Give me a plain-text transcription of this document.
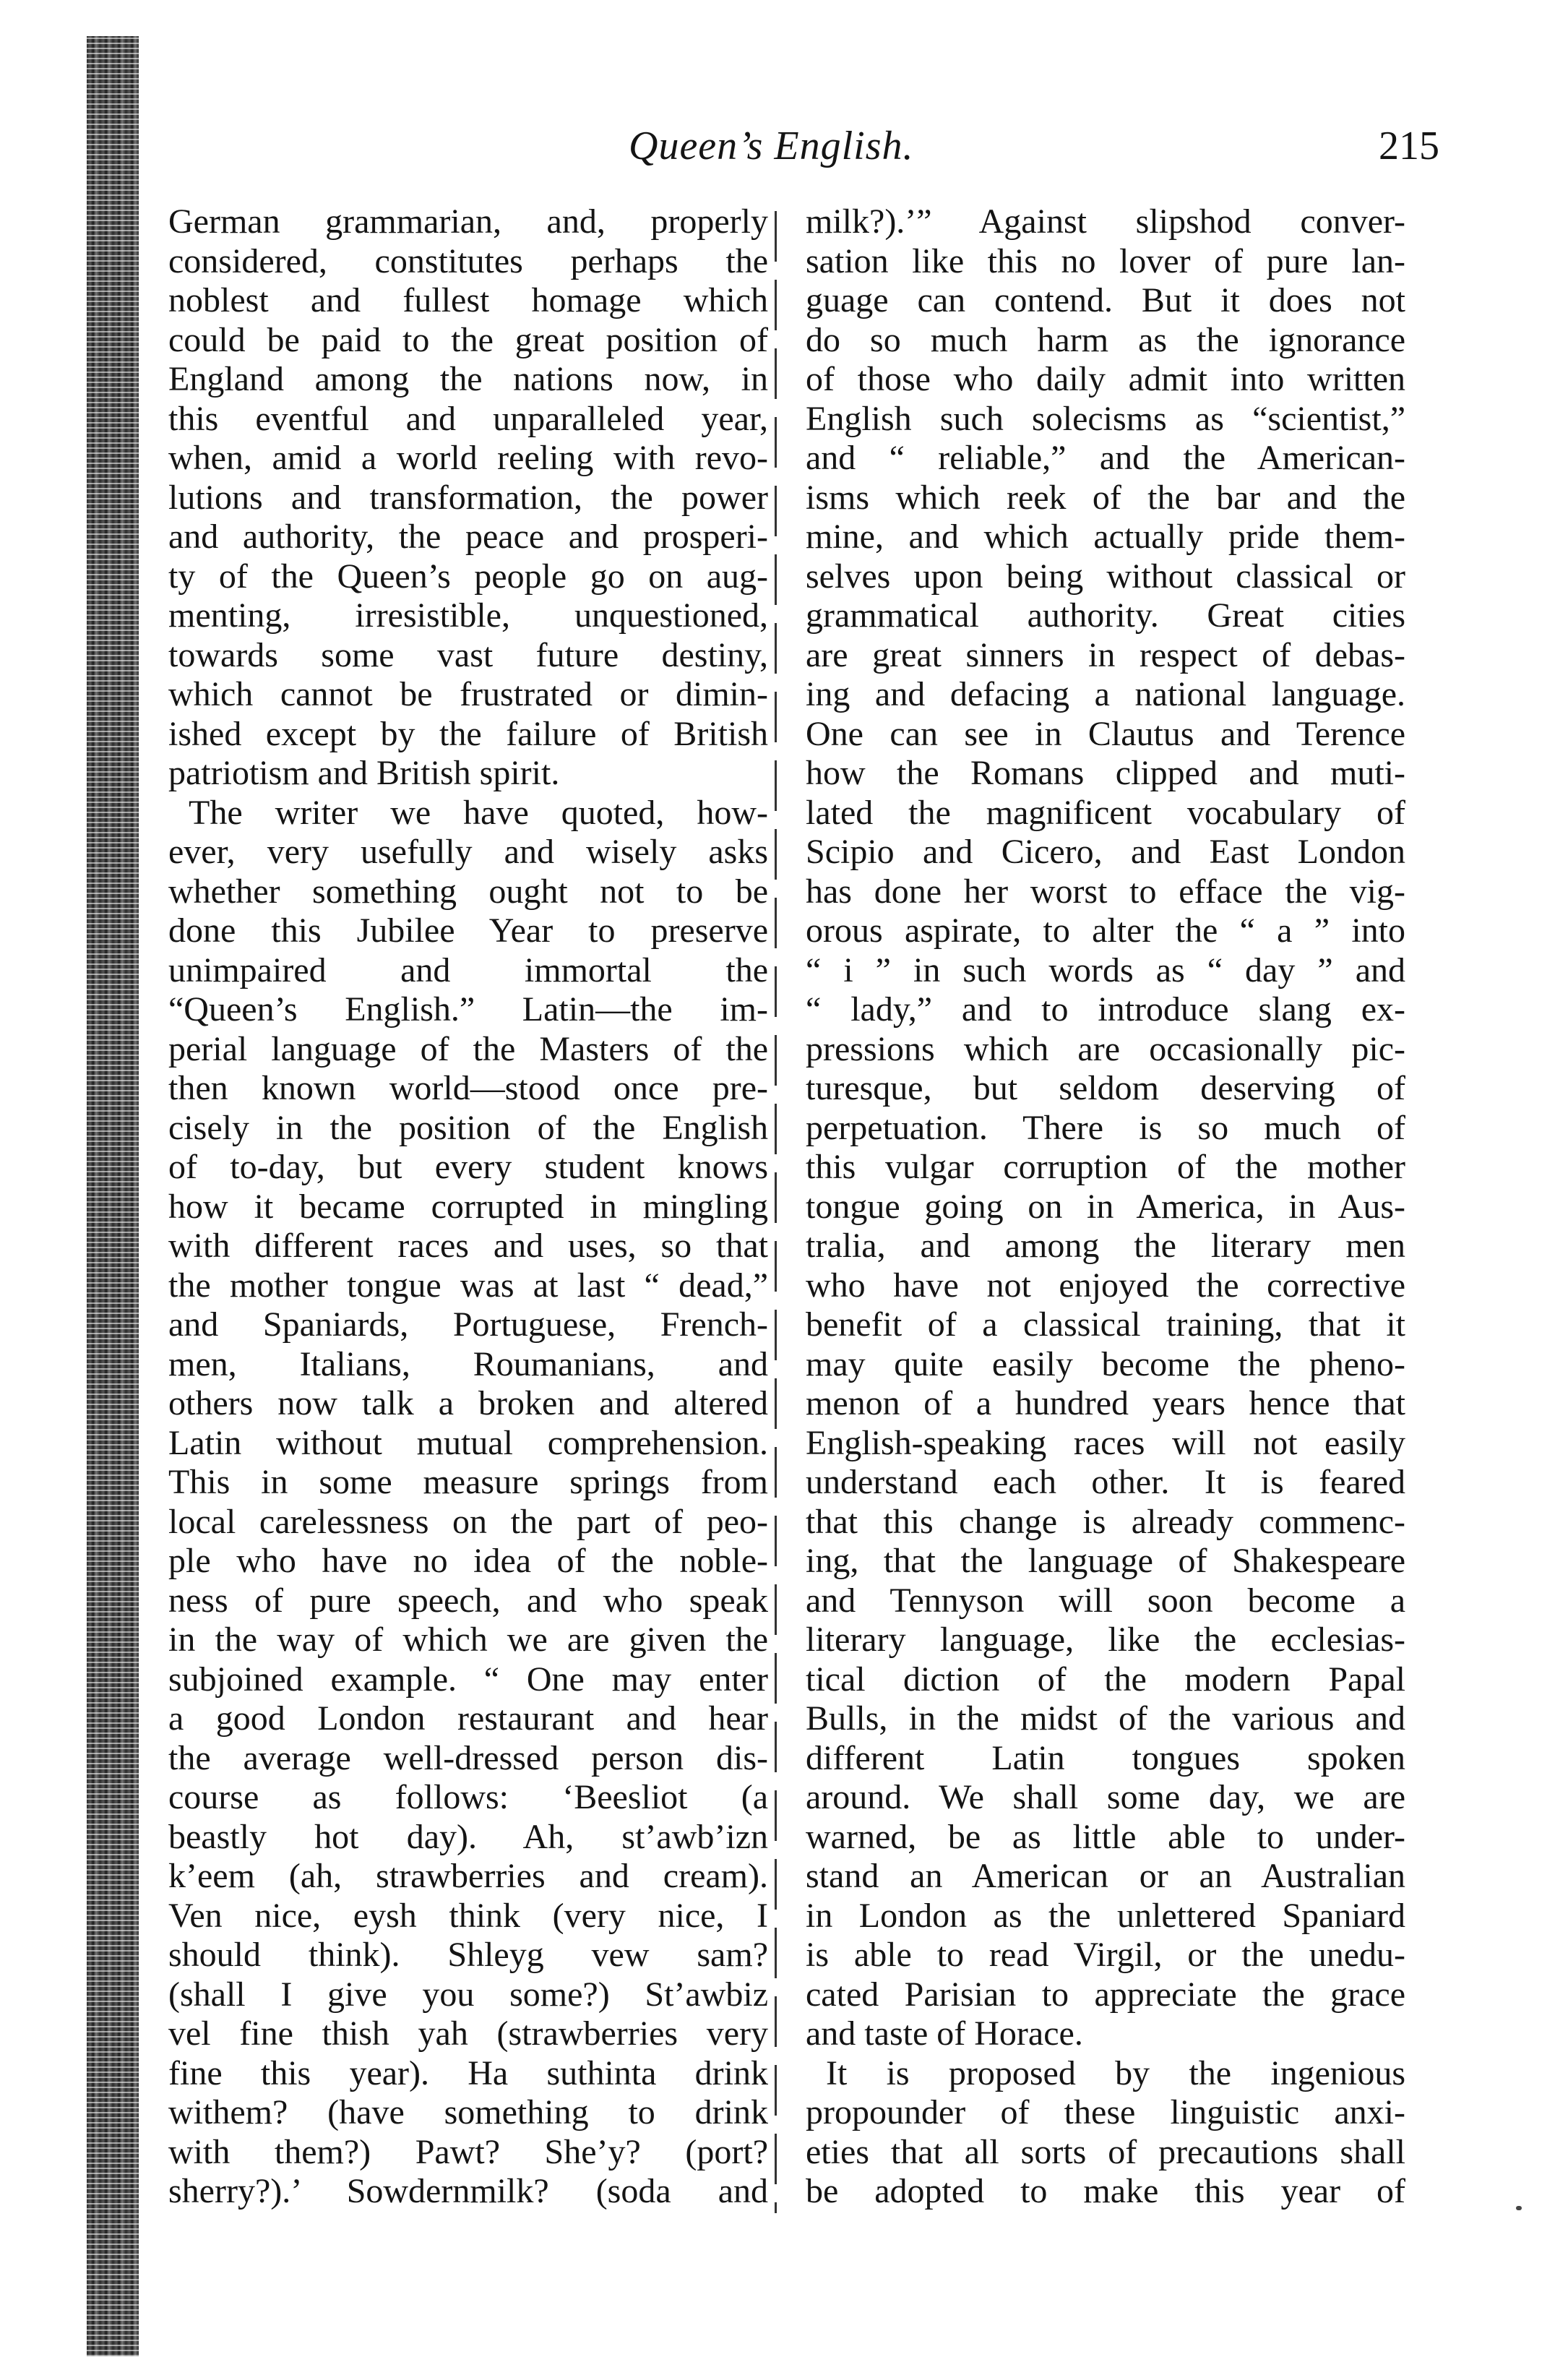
Queen’s English.	215
German grammarian, and, properly
considered, constitutes perhaps the
noblest and fullest homage which
could be paid to the great position of
England among the nations now, in
this eventful and unparalleled year,
when, amid a world reeling with revo-
lutions and transformation, the power
and authority, the peace and prosperi-
ty of the Queen’s people go on aug-
menting, irresistible, unquestioned,
towards some vast future destiny,
which cannot be frustrated or dimin-
ished except by the failure of British
patriotism and British spirit.
The writer we have quoted, how-
ever, very usefully and wisely asks
whether something ought not to be
done this Jubilee Year to preserve
unimpaired and immortal the
“Queen’s English.” Latin—the im-
perial language of the Masters of the
then known world—stood once pre-
cisely in the position of the English
of to-day, but every student knows
how it became corrupted in mingling
with different races and uses, so that
the mother tongue was at last “ dead,”
and Spaniards, Portuguese, French-
men, Italians, Roumanians, and
others now talk a broken and altered
Latin without mutual comprehension.
This in some measure springs from
local carelessness on the part of peo-
ple who have no idea of the noble-
ness of pure speech, and who speak
in the way of which we are given the
subjoined example. “ One may enter
a good London restaurant and hear
the average well-dressed person dis-
course as follows: ‘Beesliot (a
beastly hot day). Ah, st’awb’izn
k’eem (ah, strawberries and cream).
Ven nice, eysh think (very nice, I
should think). Shleyg vew sam?
(shall I give you some?) St’awbiz
vel fine thish yah (strawberries very
fine this year). Ha suthinta drink
withem? (have something to drink
with them?) Pawt? She’y? (port?
sherry?).’ Sowdernmilk? (soda and
milk?).’” Against slipshod conver-
sation like this no lover of pure lan-
guage can contend. But it does not
do so much harm as the ignorance
of those who daily admit into written
English such solecisms as “scientist,”
and “ reliable,” and the American-
isms which reek of the bar and the
mine, and which actually pride them-
selves upon being without classical or
grammatical authority. Great cities
are great sinners in respect of debas-
ing and defacing a national language.
One can see in Clautus and Terence
how the Romans clipped and muti-
lated the magnificent vocabulary of
Scipio and Cicero, and East London
has done her worst to efface the vig-
orous aspirate, to alter the “ a ” into
“ i ” in such words as “ day ” and
“ lady,” and to introduce slang ex-
pressions which are occasionally pic-
turesque, but seldom deserving of
perpetuation. There is so much of
this vulgar corruption of the mother
tongue going on in America, in Aus-
tralia, and among the literary men
who have not enjoyed the corrective
benefit of a classical training, that it
may quite easily become the pheno-
menon of a hundred years hence that
English-speaking races will not easily
understand each other. It is feared
that this change is already commenc-
ing, that the language of Shakespeare
and Tennyson will soon become a
literary language, like the ecclesias-
tical diction of the modern Papal
Bulls, in the midst of the various and
different Latin tongues spoken
around. We shall some day, we are
warned, be as little able to under-
stand an American or an Australian
in London as the unlettered Spaniard
is able to read Virgil, or the unedu-
cated Parisian to appreciate the grace
and taste of Horace.
It is proposed by the ingenious
propounder of these linguistic anxi-
eties that all sorts of precautions shall
be adopted to make this year of
